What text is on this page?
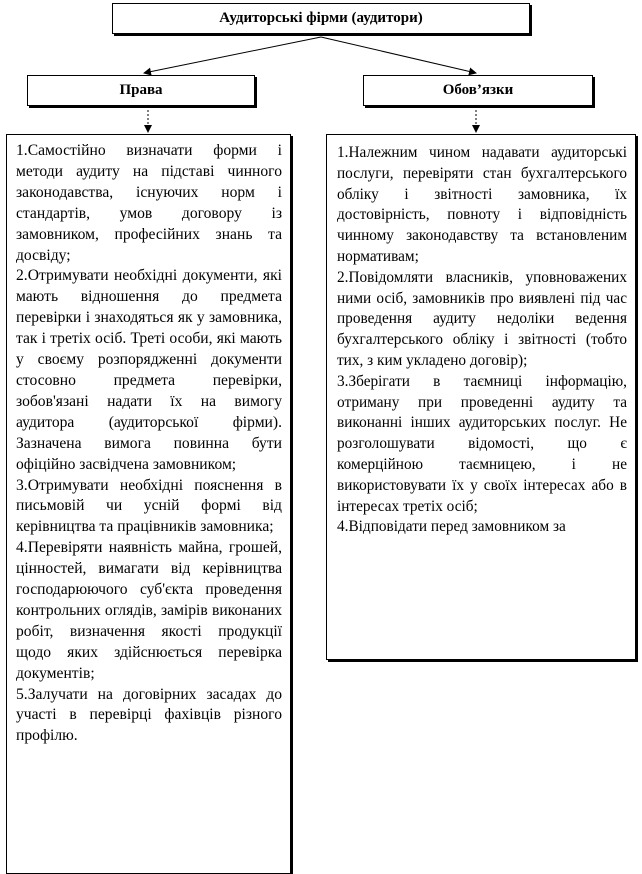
Аудиторські фірми (аудитори)
Права	Обов’язки

1.Самостійно визначати форми і методи аудиту на підставі чинного законодавства, існуючих норм і стандартів, умов договору із замовником, професійних знань та досвіду;

2.Отримувати необхідні документи, які мають відношення до предмета перевірки і знаходяться як у замовника, так і третіх осіб. Треті особи, які мають у своєму розпорядженні документи стосовно предмета перевірки, зобов'язані надати їх на вимогу аудитора (аудиторської фірми). Зазначена вимога повинна бути офіційно засвідчена замовником;

3.Отримувати необхідні пояснення в письмовій чи усній формі від керівництва та працівників замовника;

4.Перевіряти наявність майна, грошей, цінностей, вимагати від керівництва господарюючого суб'єкта проведення контрольних оглядів, замірів виконаних робіт, визначення якості продукції щодо яких здійснюється перевірка документів;

5.Залучати на договірних засадах до участі в перевірці фахівців різного профілю.

1.Належним чином надавати аудиторські послуги, перевіряти стан бухгалтерського обліку і звітності замовника, їх достовірність, повноту і відповідність чинному законодавству та встановленим нормативам;

2.Повідомляти власників, уповноважених ними осіб, замовників про виявлені під час проведення аудиту недоліки ведення бухгалтерського обліку і звітності (тобто тих, з ким укладено договір);

3.Зберігати в таємниці інформацію, отриману при проведенні аудиту та виконанні інших аудиторських послуг. Не розголошувати відомості, що є комерційною таємницею, і не використовувати їх у своїх інтересах або в інтересах третіх осіб;

4.Відповідати перед замовником за
